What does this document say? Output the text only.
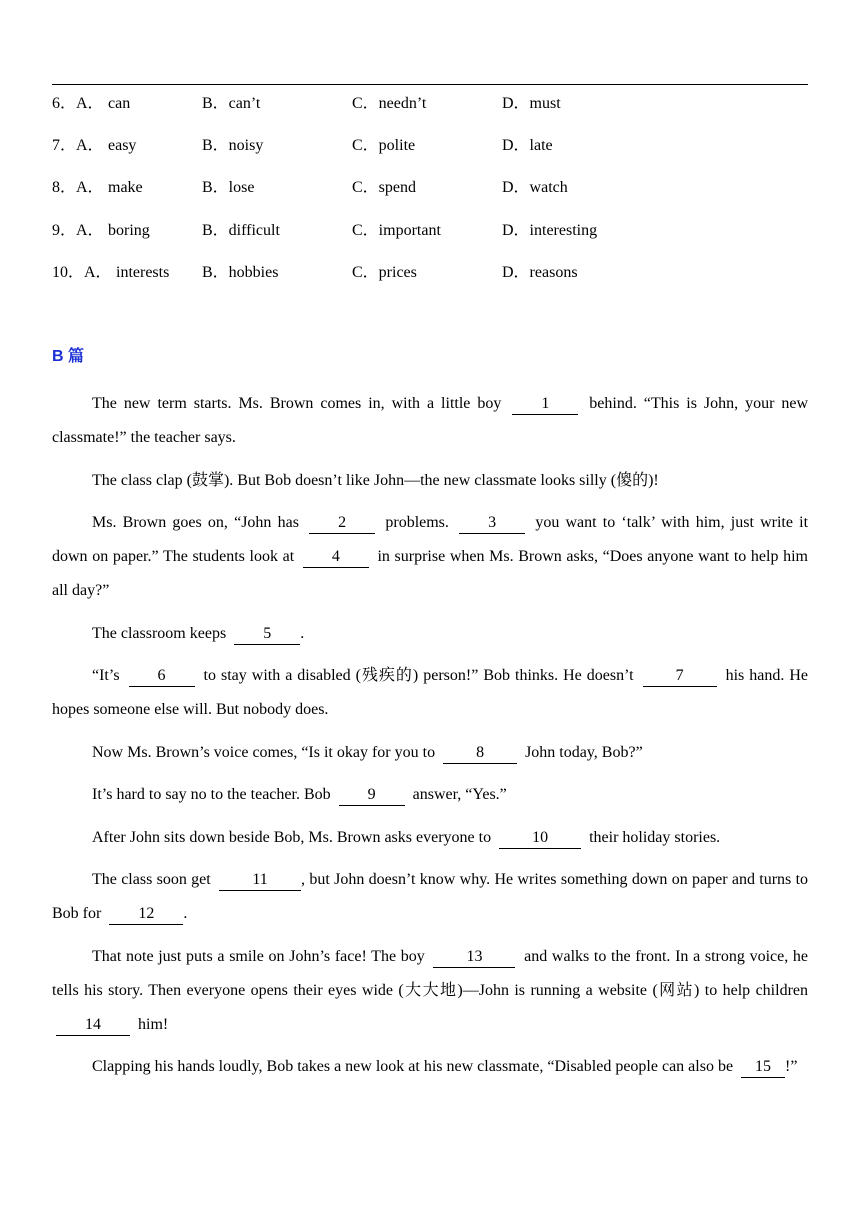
6．A． can	B．can’t	C．needn’t	D．must
7．A． easy	B．noisy	C．polite	D．late
8．A． make	B．lose	C．spend	D．watch
9．A． boring	B．difficult	C．important	D．interesting
10．A． interests B．hobbies	C．prices	D．reasons
B 篇

The new term starts. Ms. Brown comes in, with a little boy 1 behind. “This is John, your new classmate!” the teacher says.

The class clap (鼓掌). But Bob doesn’t like John—the new classmate looks silly (傻的)!

Ms. Brown goes on, “John has 2 problems. 3 you want to ‘talk’ with him, just write it down on paper.” The students look at 4 in surprise when Ms. Brown asks, “Does anyone want to help him all day?”

The classroom keeps 5 .

“It’s 6 to stay with a disabled (残疾的) person!” Bob thinks. He doesn’t	7	his hand. He hopes someone else will. But nobody does.

Now Ms. Brown’s voice comes, “Is it okay for you to	8	John today, Bob?”

It’s hard to say no to the teacher. Bob 9 answer, “Yes.”

After John sits down beside Bob, Ms. Brown asks everyone to	10	their holiday stories.

The class soon get	11 , but John doesn’t know why. He writes something down on paper and turns to Bob for 12 .

That note just puts a smile on John’s face! The boy	13	and walks to the front. In a strong voice, he tells his story. Then everyone opens their eyes wide (大大地)—John is running a website (网站) to help children 14 him!

Clapping his hands loudly, Bob takes a new look at his new classmate, “Disabled people can also be 15 !”
